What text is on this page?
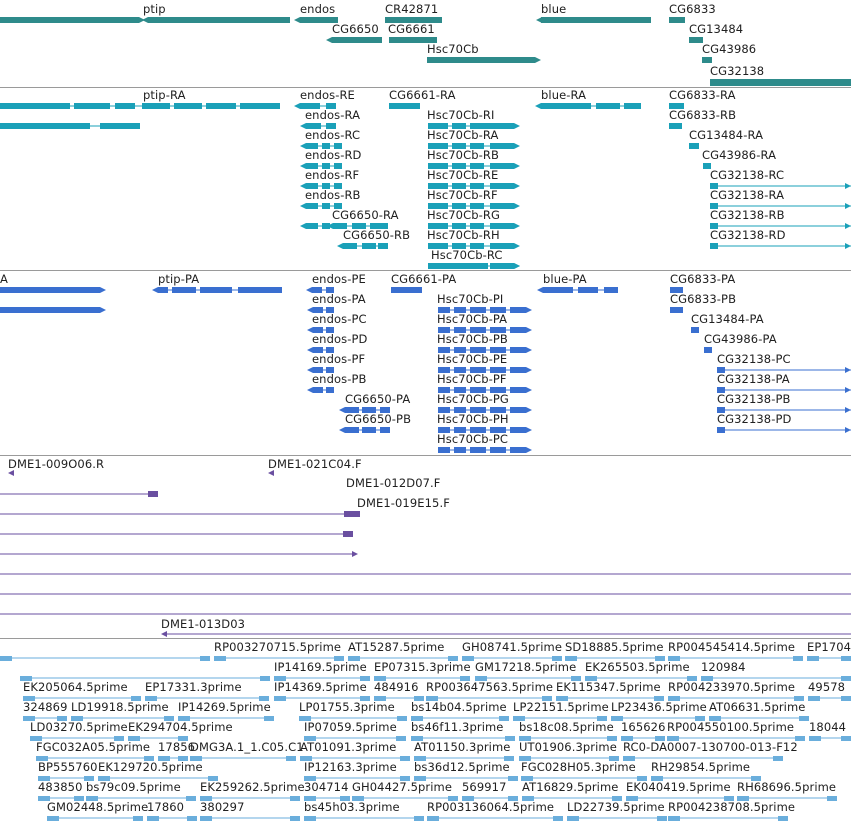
ptip	endos	CR42871	blue	CG6833
CG6650 CG6661	CG13484
Hsc70Cb	CG43986
CG32138
ptip-RA	endos-RE	CG6661-RA	blue-RA	CG6833-RA
endos-RA	Hsc70Cb-RI	CG6833-RB
endos-RC	Hsc70Cb-RA	CG13484-RA
endos-RD	Hsc70Cb-RB	CG43986-RA
endos-RF	Hsc70Cb-RE	CG32138-RC
endos-RB	Hsc70Cb-RF	CG32138-RA
CG6650-RA Hsc70Cb-RG	CG32138-RB
CG6650-RB Hsc70Cb-RH	CG32138-RD
Hsc70Cb-RC
A	ptip-PA	endos-PE CG6661-PA	blue-PA	CG6833-PA
endos-PA	Hsc70Cb-PI	CG6833-PB
endos-PC	Hsc70Cb-PA	CG13484-PA
endos-PD	Hsc70Cb-PB	CG43986-PA
endos-PF	Hsc70Cb-PE	CG32138-PC
endos-PB	Hsc70Cb-PF	CG32138-PA
CG6650-PA Hsc70Cb-PG	CG32138-PB
CG6650-PB Hsc70Cb-PH	CG32138-PD
Hsc70Cb-PC
DME1-009O06.R	DME1-021C04.F
DME1-012D07.F
DME1-019E15.F
DME1-013D03
RP003270715.5prime AT15287.5prime GH08741.5prime SD18885.5prime RP004545414.5prime EP1704
IP14169.5prime EP07315.3prime GM17218.5prime EK265503.5prime 120984
EK205064.5prime EP17331.3prime	IP14369.5prime 484916 RP003647563.5prime EK115347.5prime RP004233970.5prime 49578
324869 LD19918.5prime IP14269.5prime LP01755.3prime bs14b04.5prime LP22151.5prime LP23436.5prime AT06631.5prime
LD03270.5prime EK294704.5prime	IP07059.5prime bs46f11.3prime bs18c08.5prime 165626 RP004550100.5prime 18044
FGC032A05.5prime 17856
DMG3A.1_1.C05.C1
AT01091.3prime AT01150.3prime UT01906.3prime RC0-DA0007-130700-013-F12
BP555760 EK129720.5prime	IP12163.3prime bs36d12.5prime FGC028H05.3prime RH29854.5prime
483850 bs79c09.5prime EK259262.5prime 304714 GH04427.5prime 569917 AT16829.5prime EK040419.5prime RH68696.5prime
GM02448.5prime
17860 380297	bs45h03.3prime RP003136064.5prime LD22739.5prime RP004238708.5prime
